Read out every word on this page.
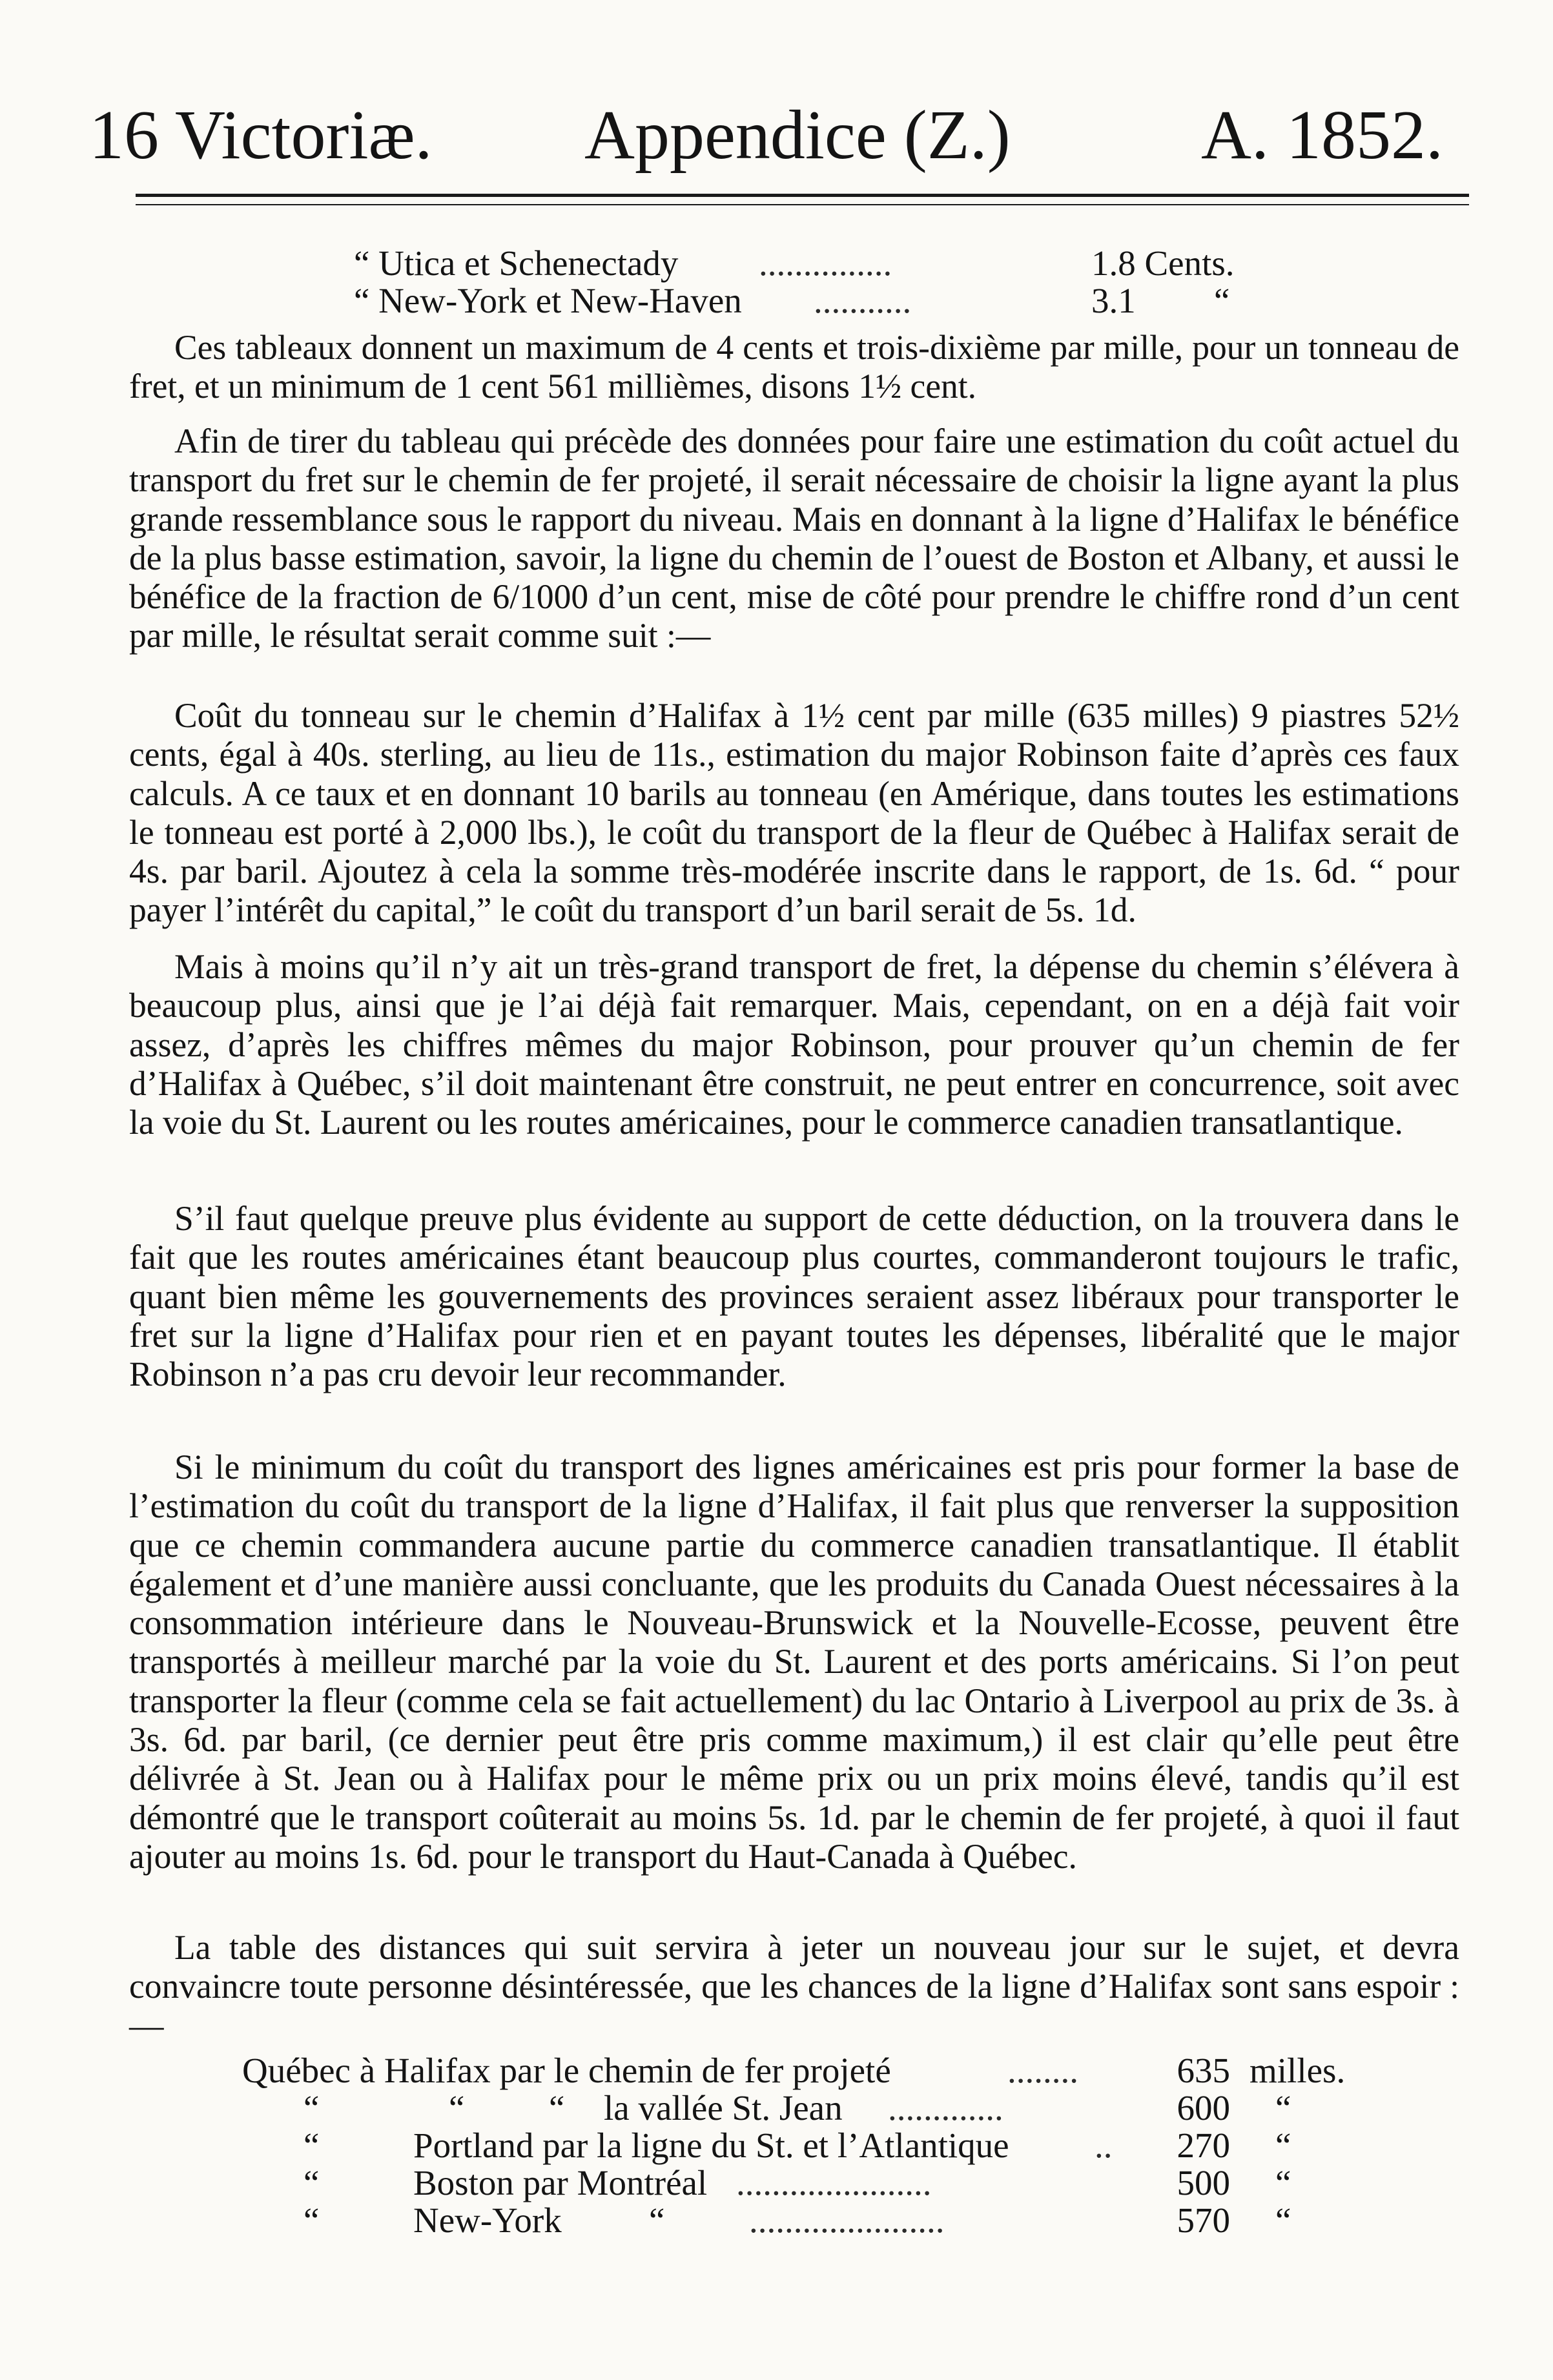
16 Victoriæ. Appendice (Z.)	A. 1852.
“ Utica et Schenectady ...............	1.8 Cents.
“ New-York et New-Haven ...........	3.1 “

Ces tableaux donnent un maximum de 4 cents et trois-dixième par mille, pour un tonneau de fret, et un minimum de 1 cent 561 millièmes, disons 1½ cent.

Afin de tirer du tableau qui précède des données pour faire une estimation du coût actuel du transport du fret sur le chemin de fer projeté, il serait nécessaire de choisir la ligne ayant la plus grande ressemblance sous le rapport du niveau. Mais en donnant à la ligne d’Halifax le bénéfice de la plus basse estimation, savoir, la ligne du chemin de l’ouest de Boston et Albany, et aussi le bénéfice de la fraction de 6/1000 d’un cent, mise de côté pour prendre le chiffre rond d’un cent par mille, le résultat serait comme suit :—

Coût du tonneau sur le chemin d’Halifax à 1½ cent par mille (635 milles) 9 piastres 52½ cents, égal à 40s. sterling, au lieu de 11s., estimation du major Robinson faite d’après ces faux calculs. A ce taux et en donnant 10 barils au tonneau (en Amérique, dans toutes les estimations le tonneau est porté à 2,000 lbs.), le coût du transport de la fleur de Québec à Halifax serait de 4s. par baril. Ajoutez à cela la somme très-modérée inscrite dans le rapport, de 1s. 6d. “ pour payer l’intérêt du capital,” le coût du transport d’un baril serait de 5s. 1d.

Mais à moins qu’il n’y ait un très-grand transport de fret, la dépense du chemin s’élévera à beaucoup plus, ainsi que je l’ai déjà fait remarquer. Mais, cependant, on en a déjà fait voir assez, d’après les chiffres mêmes du major Robinson, pour prouver qu’un chemin de fer d’Halifax à Québec, s’il doit maintenant être construit, ne peut entrer en concurrence, soit avec la voie du St. Laurent ou les routes américaines, pour le commerce canadien transatlantique.

S’il faut quelque preuve plus évidente au support de cette déduction, on la trouvera dans le fait que les routes américaines étant beaucoup plus courtes, commanderont toujours le trafic, quant bien même les gouvernements des provinces seraient assez libéraux pour transporter le fret sur la ligne d’Halifax pour rien et en payant toutes les dépenses, libéralité que le major Robinson n’a pas cru devoir leur recommander.

Si le minimum du coût du transport des lignes américaines est pris pour former la base de l’estimation du coût du transport de la ligne d’Halifax, il fait plus que renverser la supposition que ce chemin commandera aucune partie du commerce canadien transatlantique. Il établit également et d’une manière aussi concluante, que les produits du Canada Ouest nécessaires à la consommation intérieure dans le Nouveau-Brunswick et la Nouvelle-Ecosse, peuvent être transportés à meilleur marché par la voie du St. Laurent et des ports américains. Si l’on peut transporter la fleur (comme cela se fait actuellement) du lac Ontario à Liverpool au prix de 3s. à 3s. 6d. par baril, (ce dernier peut être pris comme maximum,) il est clair qu’elle peut être délivrée à St. Jean ou à Halifax pour le même prix ou un prix moins élevé, tandis qu’il est démontré que le transport coûterait au moins 5s. 1d. par le chemin de fer projeté, à quoi il faut ajouter au moins 1s. 6d. pour le transport du Haut-Canada à Québec.

La table des distances qui suit servira à jeter un nouveau jour sur le sujet, et devra convaincre toute personne désintéressée, que les chances de la ligne d’Halifax sont sans espoir :—

Québec à Halifax par le chemin de fer projeté	........	635 milles.
“	“ “ la vallée St. Jean .............	600 “
“	Portland par la ligne du St. et l’Atlantique ..	270 “
“	Boston par Montréal ......................	500 “
“	New-York “ ......................	570 “
